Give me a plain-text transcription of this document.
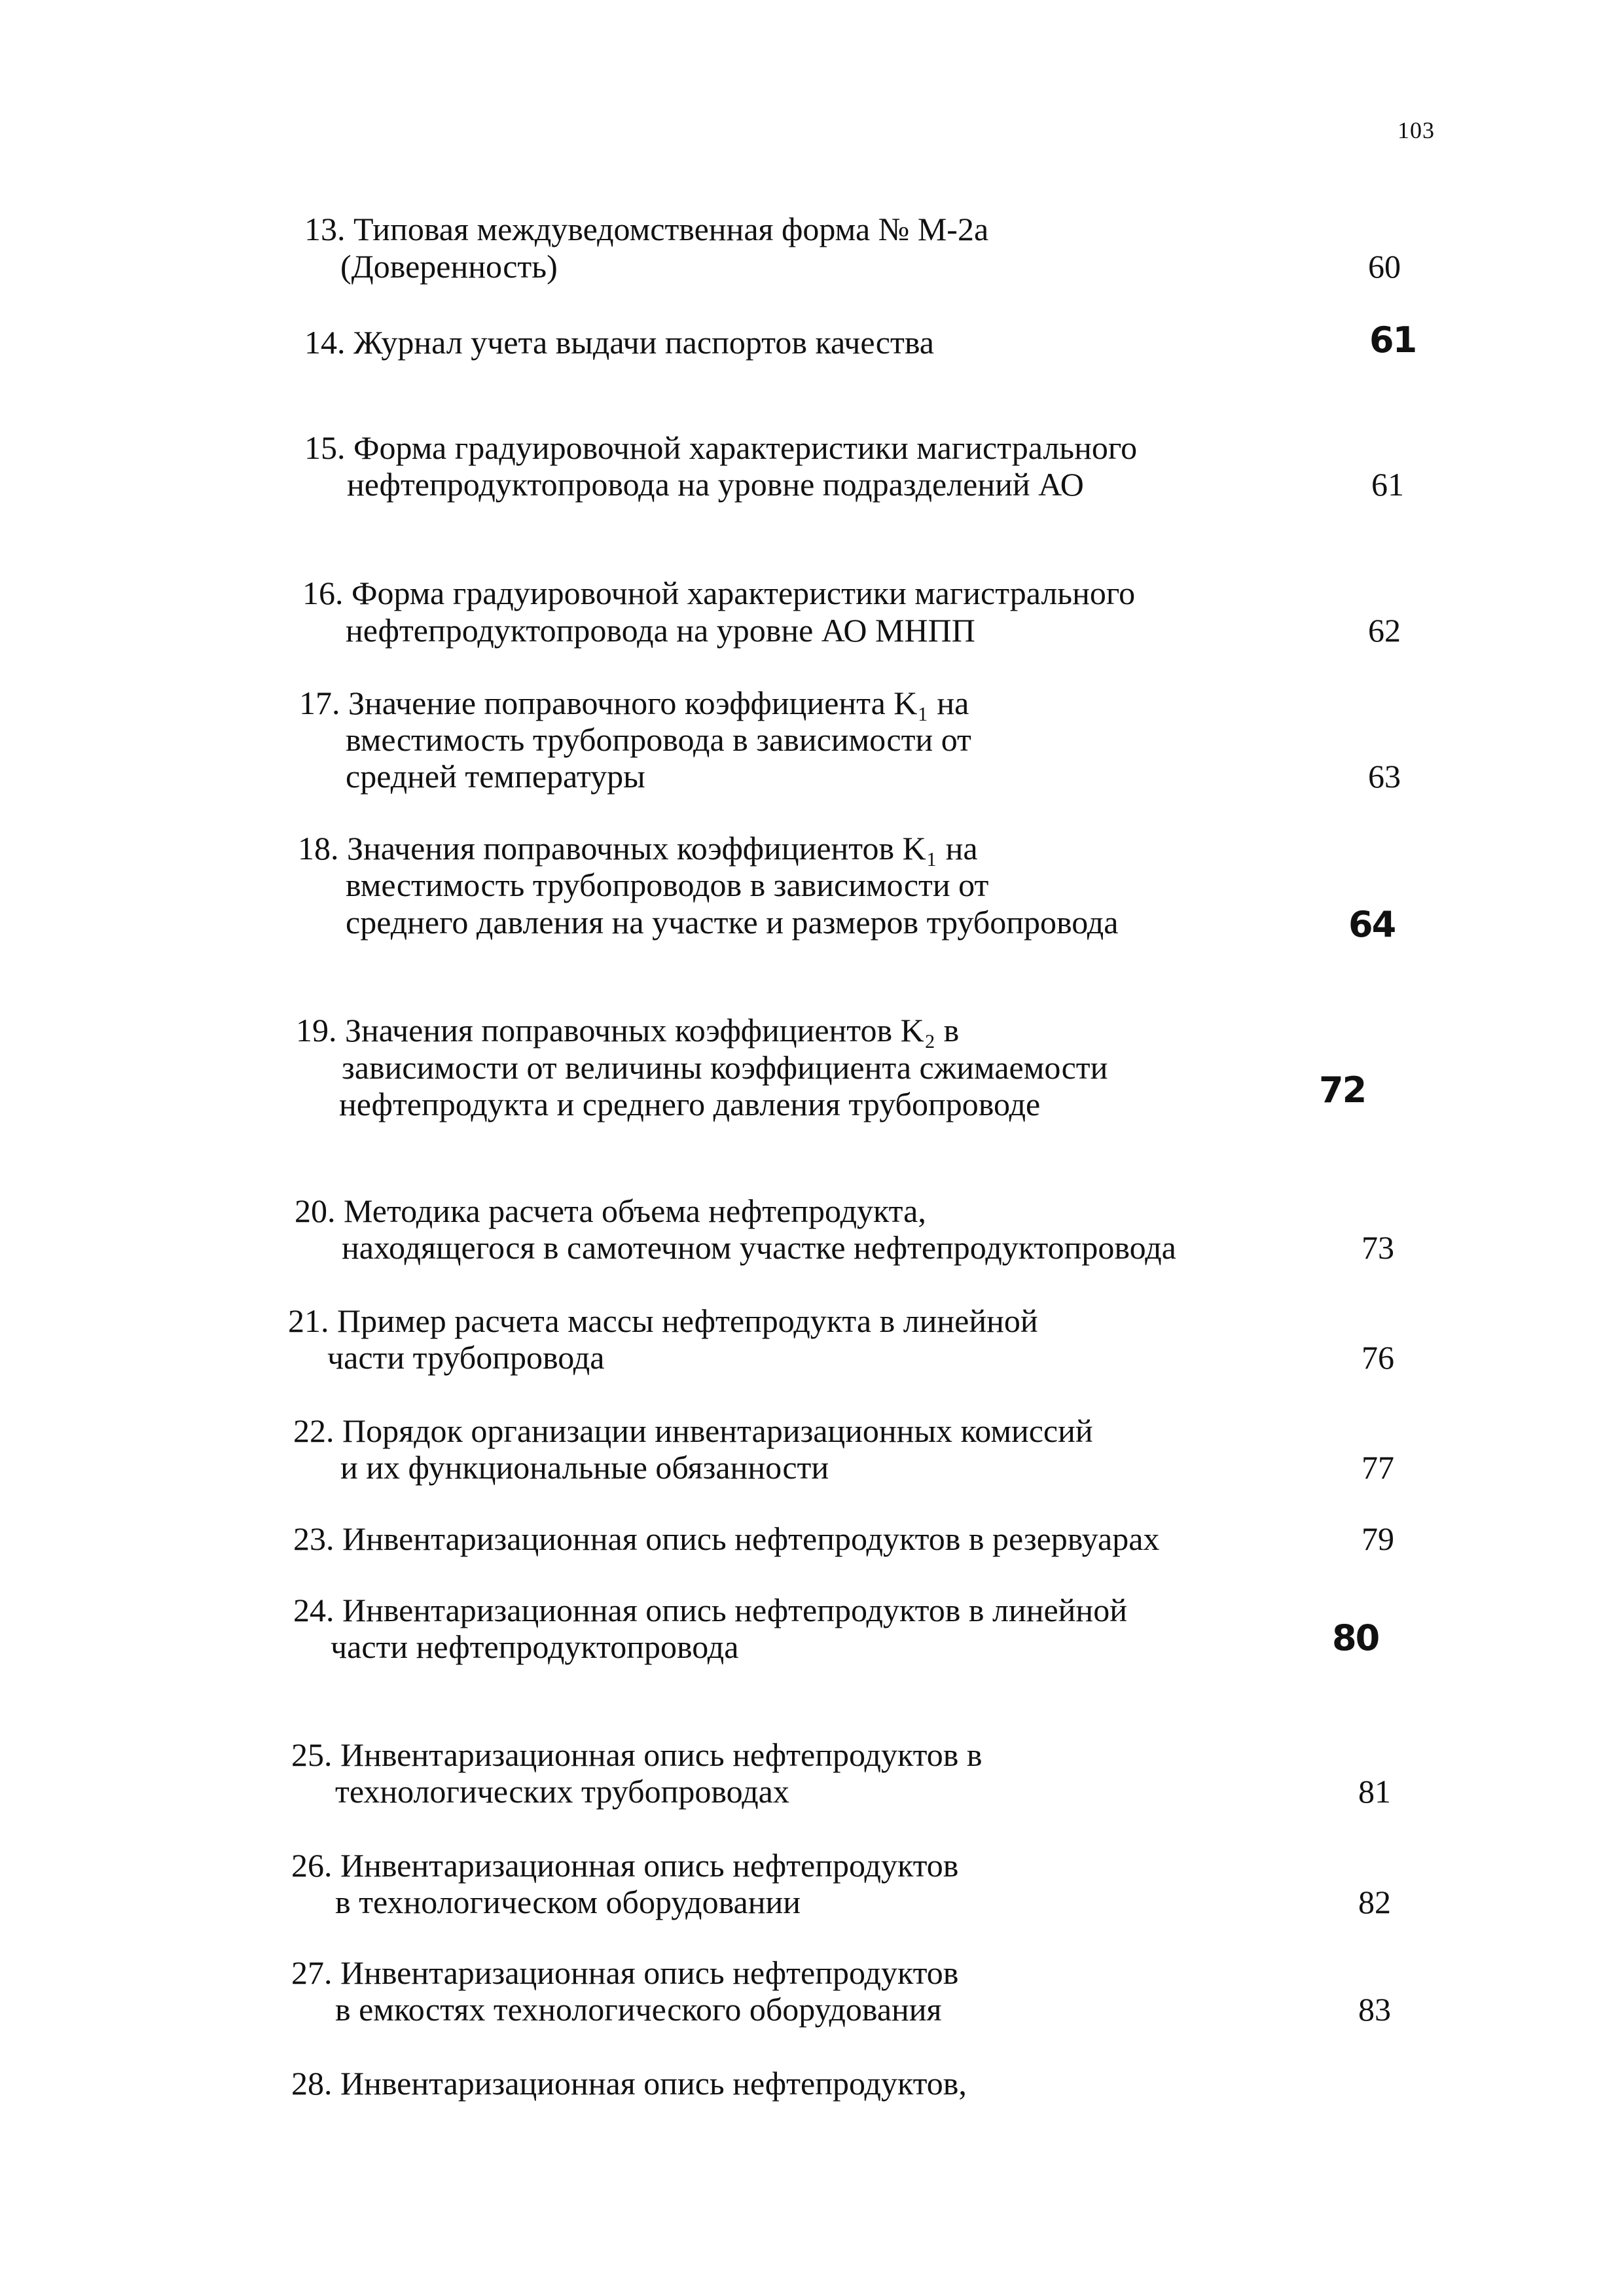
103
13. Типовая междуведомственная форма № М-2а
(Доверенность)	60
14. Журнал учета выдачи паспортов качества	61
15. Форма градуировочной характеристики магистрального
нефтепродуктопровода на уровне подразделений АО	61
16. Форма градуировочной характеристики магистрального
нефтепродуктопровода на уровне АО МНПП	62
17. Значение поправочного коэффициента K₁ на
вместимость трубопровода в зависимости от
средней температуры	63
18. Значения поправочных коэффициентов K₁ на
вместимость трубопроводов в зависимости от
среднего давления на участке и размеров трубопровода	64
19. Значения поправочных коэффициентов K₂ в
зависимости от величины коэффициента сжимаемости
нефтепродукта и среднего давления трубопроводе	72
20. Методика расчета объема нефтепродукта,
находящегося в самотечном участке нефтепродуктопровода	73
21. Пример расчета массы нефтепродукта в линейной
части трубопровода	76
22. Порядок организации инвентаризационных комиссий
и их функциональные обязанности	77
23. Инвентаризационная опись нефтепродуктов в резервуарах	79
24. Инвентаризационная опись нефтепродуктов в линейной
части нефтепродуктопровода	80
25. Инвентаризационная опись нефтепродуктов в
технологических трубопроводах	81
26. Инвентаризационная опись нефтепродуктов
в технологическом оборудовании	82
27. Инвентаризационная опись нефтепродуктов
в емкостях технологического оборудования	83
28. Инвентаризационная опись нефтепродуктов,
